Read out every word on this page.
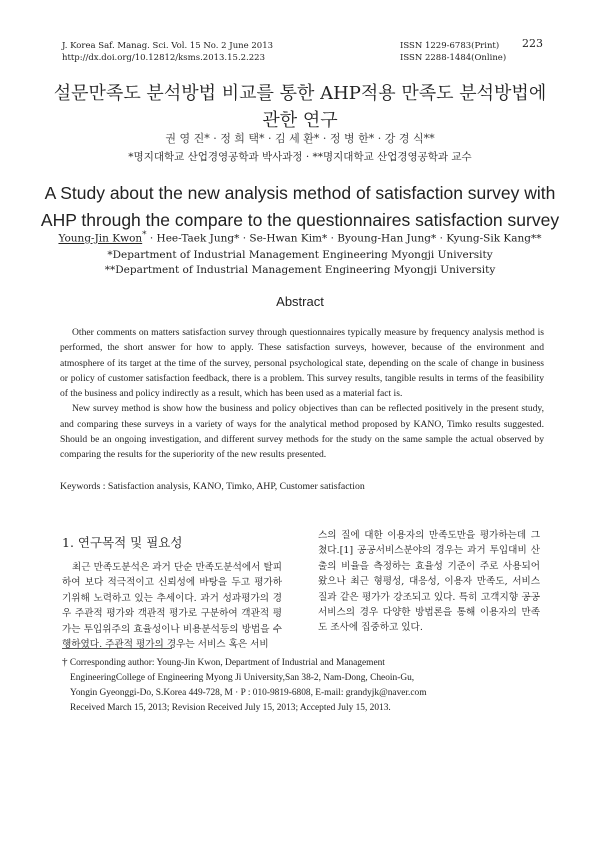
J. Korea Saf. Manag. Sci. Vol. 15 No. 2 June 2013
http://dx.doi.org/10.12812/ksms.2013.15.2.223
ISSN 1229-6783(Print)
ISSN 2288-1484(Online)
223
설문만족도 분석방법 비교를 통한 AHP적용 만족도 분석방법에
관한 연구
권 영 진* · 정 희 택* · 김 세 환* · 정 병 한* · 강 경 식**
*명지대학교 산업경영공학과 박사과정 · **명지대학교 산업경영공학과 교수
A Study about the new analysis method of satisfaction survey with
AHP through the compare to the questionnaires satisfaction survey
Young-Jin Kwon* · Hee-Taek Jung* · Se-Hwan Kim* · Byoung-Han Jung* · Kyung-Sik Kang**
*Department of Industrial Management Engineering Myongji University
**Department of Industrial Management Engineering Myongji University
Abstract

Other comments on matters satisfaction survey through questionnaires typically measure by frequency analysis method is performed, the short answer for how to apply. These satisfaction surveys, however, because of the environment and atmosphere of its target at the time of the survey, personal psychological state, depending on the scale of change in business or policy of customer satisfaction feedback, there is a problem. This survey results, tangible results in terms of the feasibility of the business and policy indirectly as a result, which has been used as a material fact is.

New survey method is show how the business and policy objectives than can be reflected positively in the present study, and comparing these surveys in a variety of ways for the analytical method proposed by KANO, Timko results suggested. Should be an ongoing investigation, and different survey methods for the study on the same sample the actual observed by comparing the results for the superiority of the new results presented.

Keywords : Satisfaction analysis, KANO, Timko, AHP, Customer satisfaction
1. 연구목적 및 필요성
최근 만족도분석은 과거 단순 만족도분석에서 탈피하여 보다 적극적이고 신뢰성에 바탕을 두고 평가하기위해 노력하고 있는 추세이다. 과거 성과평가의 경우 주관적 평가와 객관적 평가로 구분하여 객관적 평가는 투입위주의 효율성이나 비용분석등의 방법을 수행하였다. 주관적 평가의 경우는 서비스 혹은 서비
스의 질에 대한 이용자의 만족도만을 평가하는데 그쳤다.[1] 공공서비스분야의 경우는 과거 투입대비 산출의 비율을 측정하는 효율성 기준이 주로 사용되어 왔으나 최근 형평성, 대응성, 이용자 만족도, 서비스 질과 같은 평가가 강조되고 있다. 특히 고객지향 공공서비스의 경우 다양한 방법론을 통해 이용자의 만족도 조사에 집중하고 있다.
† Corresponding author: Young-Jin Kwon, Department of Industrial and Management
EngineeringCollege of Engineering Myong Ji University,San 38-2, Nam-Dong, Cheoin-Gu,
Yongin Gyeonggi-Do, S.Korea 449-728, M · P : 010-9819-6808, E-mail: grandyjk@naver.com
Received March 15, 2013; Revision Received July 15, 2013; Accepted July 15, 2013.
